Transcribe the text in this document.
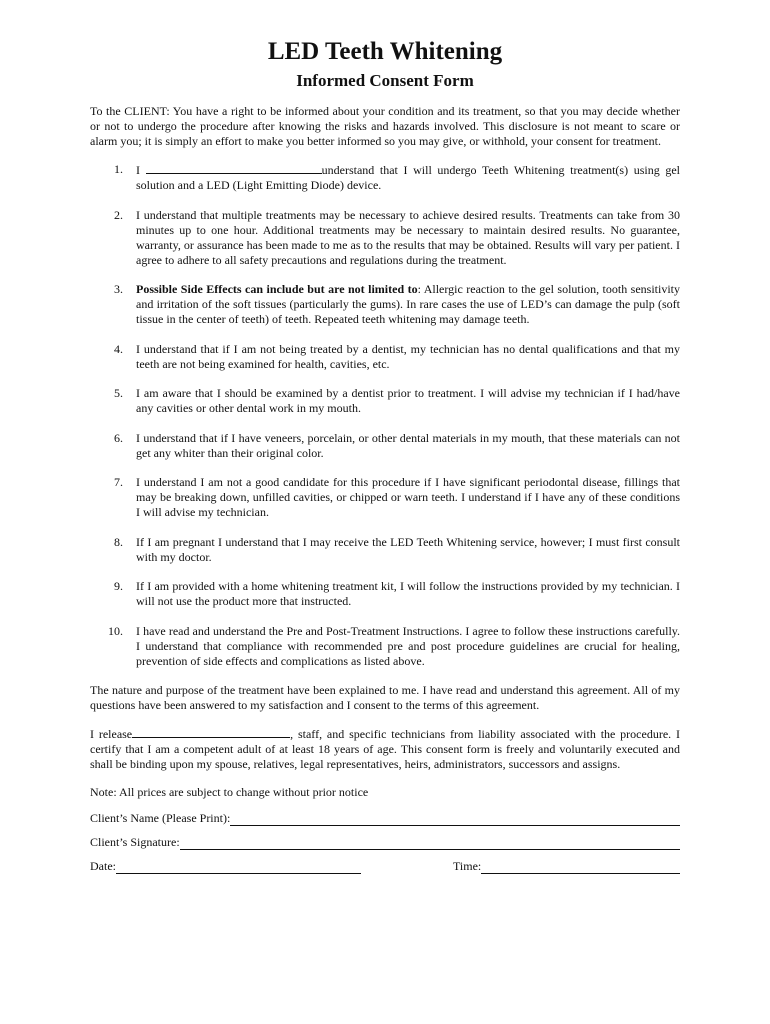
LED Teeth Whitening
Informed Consent Form

To the CLIENT: You have a right to be informed about your condition and its treatment, so that you may decide whether or not to undergo the procedure after knowing the risks and hazards involved. This disclosure is not meant to scare or alarm you; it is simply an effort to make you better informed so you may give, or withhold, your consent for treatment.

1. I	understand that I will undergo Teeth Whitening treatment(s) using gel solution and a LED (Light Emitting Diode) device.
2. I understand that multiple treatments may be necessary to achieve desired results. Treatments can take from 30 minutes up to one hour. Additional treatments may be necessary to maintain desired results. No guarantee, warranty, or assurance has been made to me as to the results that may be obtained. Results will vary per patient. I agree to adhere to all safety precautions and regulations during the treatment.
3. Possible Side Effects can include but are not limited to: Allergic reaction to the gel solution, tooth sensitivity and irritation of the soft tissues (particularly the gums). In rare cases the use of LED’s can damage the pulp (soft tissue in the center of teeth) of teeth. Repeated teeth whitening may damage teeth.
4. I understand that if I am not being treated by a dentist, my technician has no dental qualifications and that my teeth are not being examined for health, cavities, etc.
5. I am aware that I should be examined by a dentist prior to treatment. I will advise my technician if I had/have any cavities or other dental work in my mouth.
6. I understand that if I have veneers, porcelain, or other dental materials in my mouth, that these materials can not get any whiter than their original color.
7. I understand I am not a good candidate for this procedure if I have significant periodontal disease, fillings that may be breaking down, unfilled cavities, or chipped or warn teeth. I understand if I have any of these conditions I will advise my technician.
8. If I am pregnant I understand that I may receive the LED Teeth Whitening service, however; I must first consult with my doctor.
9. If I am provided with a home whitening treatment kit, I will follow the instructions provided by my technician. I will not use the product more that instructed.
10. I have read and understand the Pre and Post-Treatment Instructions. I agree to follow these instructions carefully. I understand that compliance with recommended pre and post procedure guidelines are crucial for healing, prevention of side effects and complications as listed above.

The nature and purpose of the treatment have been explained to me. I have read and understand this agreement. All of my questions have been answered to my satisfaction and I consent to the terms of this agreement.

I release	, staff, and specific technicians from liability associated with the procedure. I certify that I am a competent adult of at least 18 years of age. This consent form is freely and voluntarily executed and shall be binding upon my spouse, relatives, legal representatives, heirs, administrators, successors and assigns.

Note: All prices are subject to change without prior notice

Client’s Name (Please Print):
Client’s Signature:
Date:	Time:
